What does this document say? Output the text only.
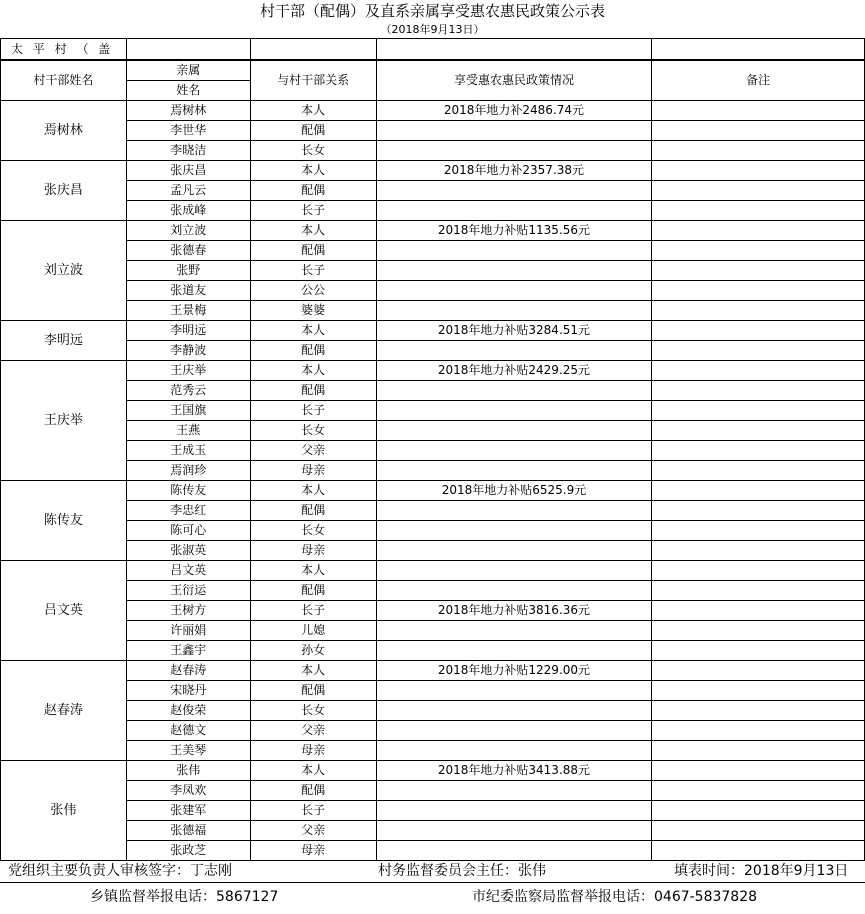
村干部（配偶）及直系亲属享受惠农惠民政策公示表
（2018年9月13日）
太 平 村 （ 盖				
村干部姓名	亲属	与村干部关系	享受惠农惠民政策情况	备注
	姓名			
焉树林	焉树林	本人	2018年地力补2486.74元	
	李世华	配偶		
	李晓洁	长女		
张庆昌	张庆昌	本人	2018年地力补2357.38元	
	孟凡云	配偶		
	张成峰	长子		
刘立波	刘立波	本人	2018年地力补贴1135.56元	
	张德春	配偶		
	张野	长子		
	张道友	公公		
	王景梅	婆婆		
李明远	李明远	本人	2018年地力补贴3284.51元	
	李静波	配偶		
王庆举	王庆举	本人	2018年地力补贴2429.25元	
	范秀云	配偶		
	王国旗	长子		
	王燕	长女		
	王成玉	父亲		
	焉润珍	母亲		
陈传友	陈传友	本人	2018年地力补贴6525.9元	
	李忠红	配偶		
	陈可心	长女		
	张淑英	母亲		
吕文英	吕文英	本人		
	王衍运	配偶		
	王树方	长子	2018年地力补贴3816.36元	
	许丽娟	儿媳		
	王鑫宇	孙女		
赵春涛	赵春涛	本人	2018年地力补贴1229.00元	
	宋晓丹	配偶		
	赵俊荣	长女		
	赵德文	父亲		
	王美琴	母亲		
张伟	张伟	本人	2018年地力补贴3413.88元	
	李凤欢	配偶		
	张建军	长子		
	张德福	父亲		
	张政芝	母亲		
党组织主要负责人审核签字：丁志刚	村务监督委员会主任：张伟	填表时间：2018年9月13日
乡镇监督举报电话：5867127	市纪委监察局监督举报电话：0467-5837828
